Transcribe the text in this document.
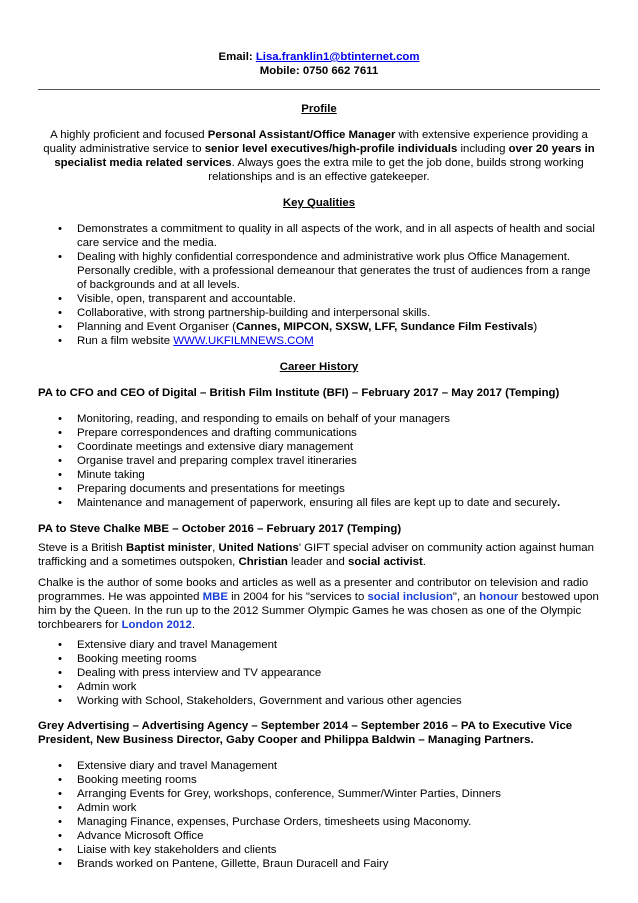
Email: Lisa.franklin1@btinternet.com
Mobile: 0750 662 7611
Profile

A highly proficient and focused Personal Assistant/Office Manager with extensive experience providing a quality administrative service to senior level executives/high-profile individuals including over 20 years in specialist media related services. Always goes the extra mile to get the job done, builds strong working relationships and is an effective gatekeeper.

Key Qualities
• Demonstrates a commitment to quality in all aspects of the work, and in all aspects of health and social care service and the media.
• Dealing with highly confidential correspondence and administrative work plus Office Management. Personally credible, with a professional demeanour that generates the trust of audiences from a range of backgrounds and at all levels.
• Visible, open, transparent and accountable.
• Collaborative, with strong partnership-building and interpersonal skills.
• Planning and Event Organiser (Cannes, MIPCON, SXSW, LFF, Sundance Film Festivals)
• Run a film website WWW.UKFILMNEWS.COM
Career History
PA to CFO and CEO of Digital – British Film Institute (BFI) – February 2017 – May 2017 (Temping)
• Monitoring, reading, and responding to emails on behalf of your managers
• Prepare correspondences and drafting communications
• Coordinate meetings and extensive diary management
• Organise travel and preparing complex travel itineraries
• Minute taking
• Preparing documents and presentations for meetings
• Maintenance and management of paperwork, ensuring all files are kept up to date and securely.
PA to Steve Chalke MBE – October 2016 – February 2017 (Temping)

Steve is a British Baptist minister, United Nations' GIFT special adviser on community action against human trafficking and a sometimes outspoken, Christian leader and social activist.

Chalke is the author of some books and articles as well as a presenter and contributor on television and radio programmes. He was appointed MBE in 2004 for his "services to social inclusion", an honour bestowed upon him by the Queen. In the run up to the 2012 Summer Olympic Games he was chosen as one of the Olympic torchbearers for London 2012.

• Extensive diary and travel Management
• Booking meeting rooms
• Dealing with press interview and TV appearance
• Admin work
• Working with School, Stakeholders, Government and various other agencies
Grey Advertising – Advertising Agency – September 2014 – September 2016 – PA to Executive Vice President, New Business Director, Gaby Cooper and Philippa Baldwin – Managing Partners.
• Extensive diary and travel Management
• Booking meeting rooms
• Arranging Events for Grey, workshops, conference, Summer/Winter Parties, Dinners
• Admin work
• Managing Finance, expenses, Purchase Orders, timesheets using Maconomy.
• Advance Microsoft Office
• Liaise with key stakeholders and clients
• Brands worked on Pantene, Gillette, Braun Duracell and Fairy
